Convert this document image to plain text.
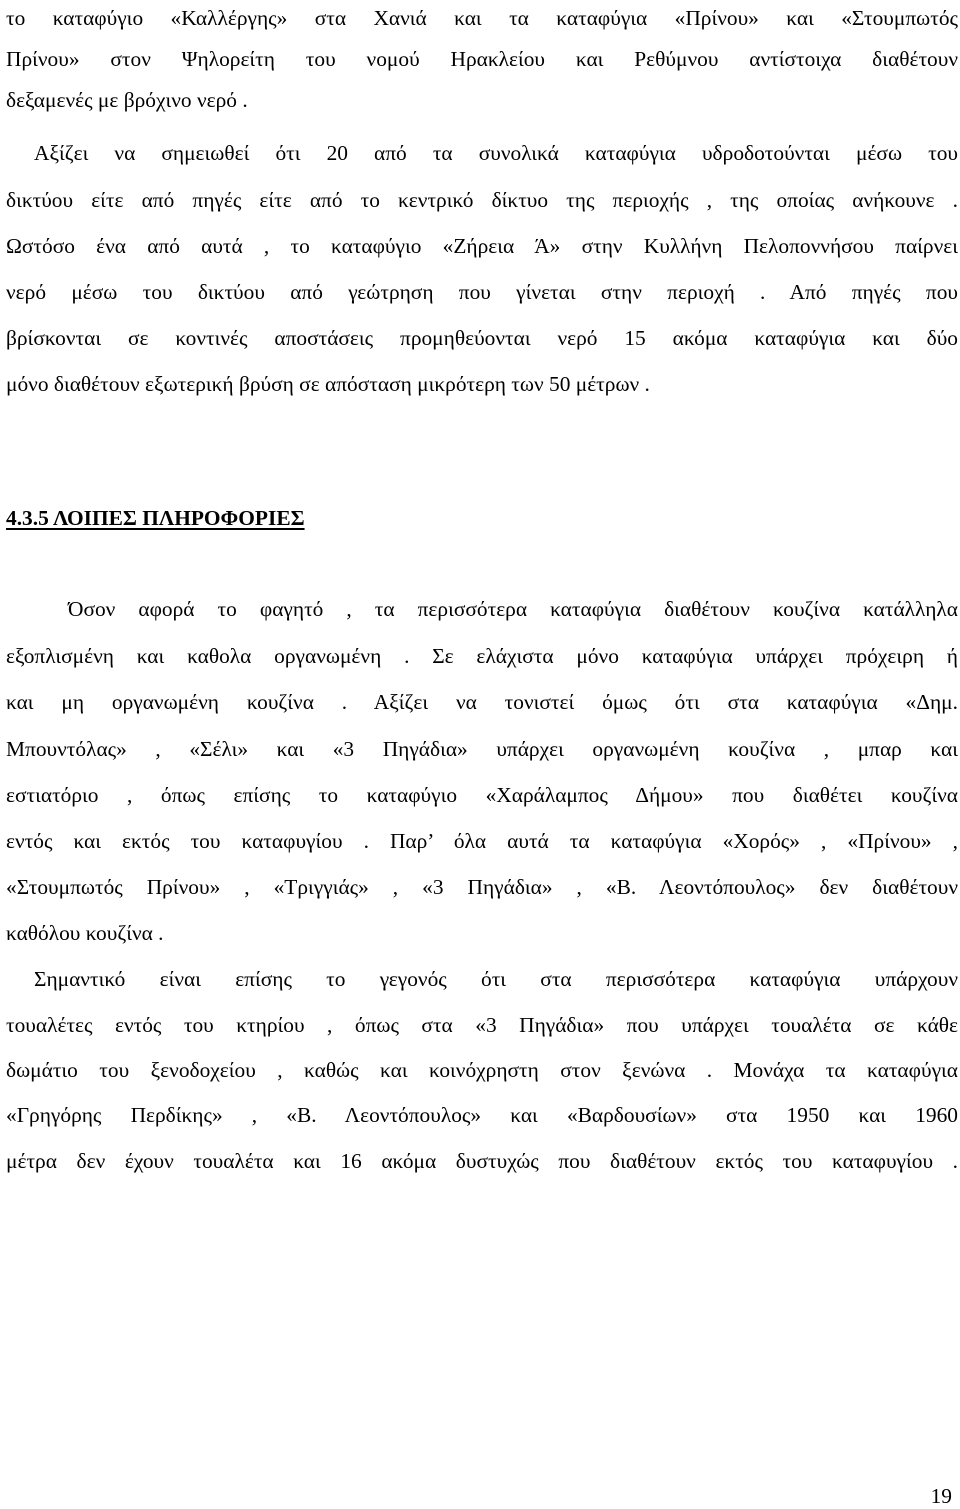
το καταφύγιο «Καλλέργης» στα Χανιά και τα καταφύγια «Πρίνου» και «Στουμπωτός
Πρίνου» στον Ψηλορείτη του νομού Ηρακλείου και Ρεθύμνου αντίστοιχα διαθέτουν
δεξαμενές με βρόχινο νερό .
Αξίζει να σημειωθεί ότι 20 από τα συνολικά καταφύγια υδροδοτούνται μέσω του
δικτύου είτε από πηγές είτε από το κεντρικό δίκτυο της περιοχής , της οποίας ανήκουνε .
Ωστόσο ένα από αυτά , το καταφύγιο «Ζήρεια Ά» στην Κυλλήνη Πελοποννήσου παίρνει
νερό μέσω του δικτύου από γεώτρηση που γίνεται στην περιοχή . Από πηγές που
βρίσκονται σε κοντινές αποστάσεις προμηθεύονται νερό 15 ακόμα καταφύγια και δύο
μόνο διαθέτουν εξωτερική βρύση σε απόσταση μικρότερη των 50 μέτρων .
4.3.5 ΛΟΙΠΕΣ ΠΛΗΡΟΦΟΡΙΕΣ
Όσον αφορά το φαγητό , τα περισσότερα καταφύγια διαθέτουν κουζίνα κατάλληλα
εξοπλισμένη και καθολα οργανωμένη . Σε ελάχιστα μόνο καταφύγια υπάρχει πρόχειρη ή
και μη οργανωμένη κουζίνα . Αξίζει να τονιστεί όμως ότι στα καταφύγια «Δημ.
Μπουντόλας» , «Σέλι» και «3 Πηγάδια» υπάρχει οργανωμένη κουζίνα , μπαρ και
εστιατόριο , όπως επίσης το καταφύγιο «Χαράλαμπος Δήμου» που διαθέτει κουζίνα
εντός και εκτός του καταφυγίου . Παρ’ όλα αυτά τα καταφύγια «Χορός» , «Πρίνου» ,
«Στουμπωτός Πρίνου» , «Τριγγιάς» , «3 Πηγάδια» , «Β. Λεοντόπουλος» δεν διαθέτουν
καθόλου κουζίνα .
Σημαντικό είναι επίσης το γεγονός ότι στα περισσότερα καταφύγια υπάρχουν
τουαλέτες εντός του κτηρίου , όπως στα «3 Πηγάδια» που υπάρχει τουαλέτα σε κάθε
δωμάτιο του ξενοδοχείου , καθώς και κοινόχρηστη στον ξενώνα . Μονάχα τα καταφύγια
«Γρηγόρης Περδίκης» , «Β. Λεοντόπουλος» και «Βαρδουσίων» στα 1950 και 1960
μέτρα δεν έχουν τουαλέτα και 16 ακόμα δυστυχώς που διαθέτουν εκτός του καταφυγίου .
19
